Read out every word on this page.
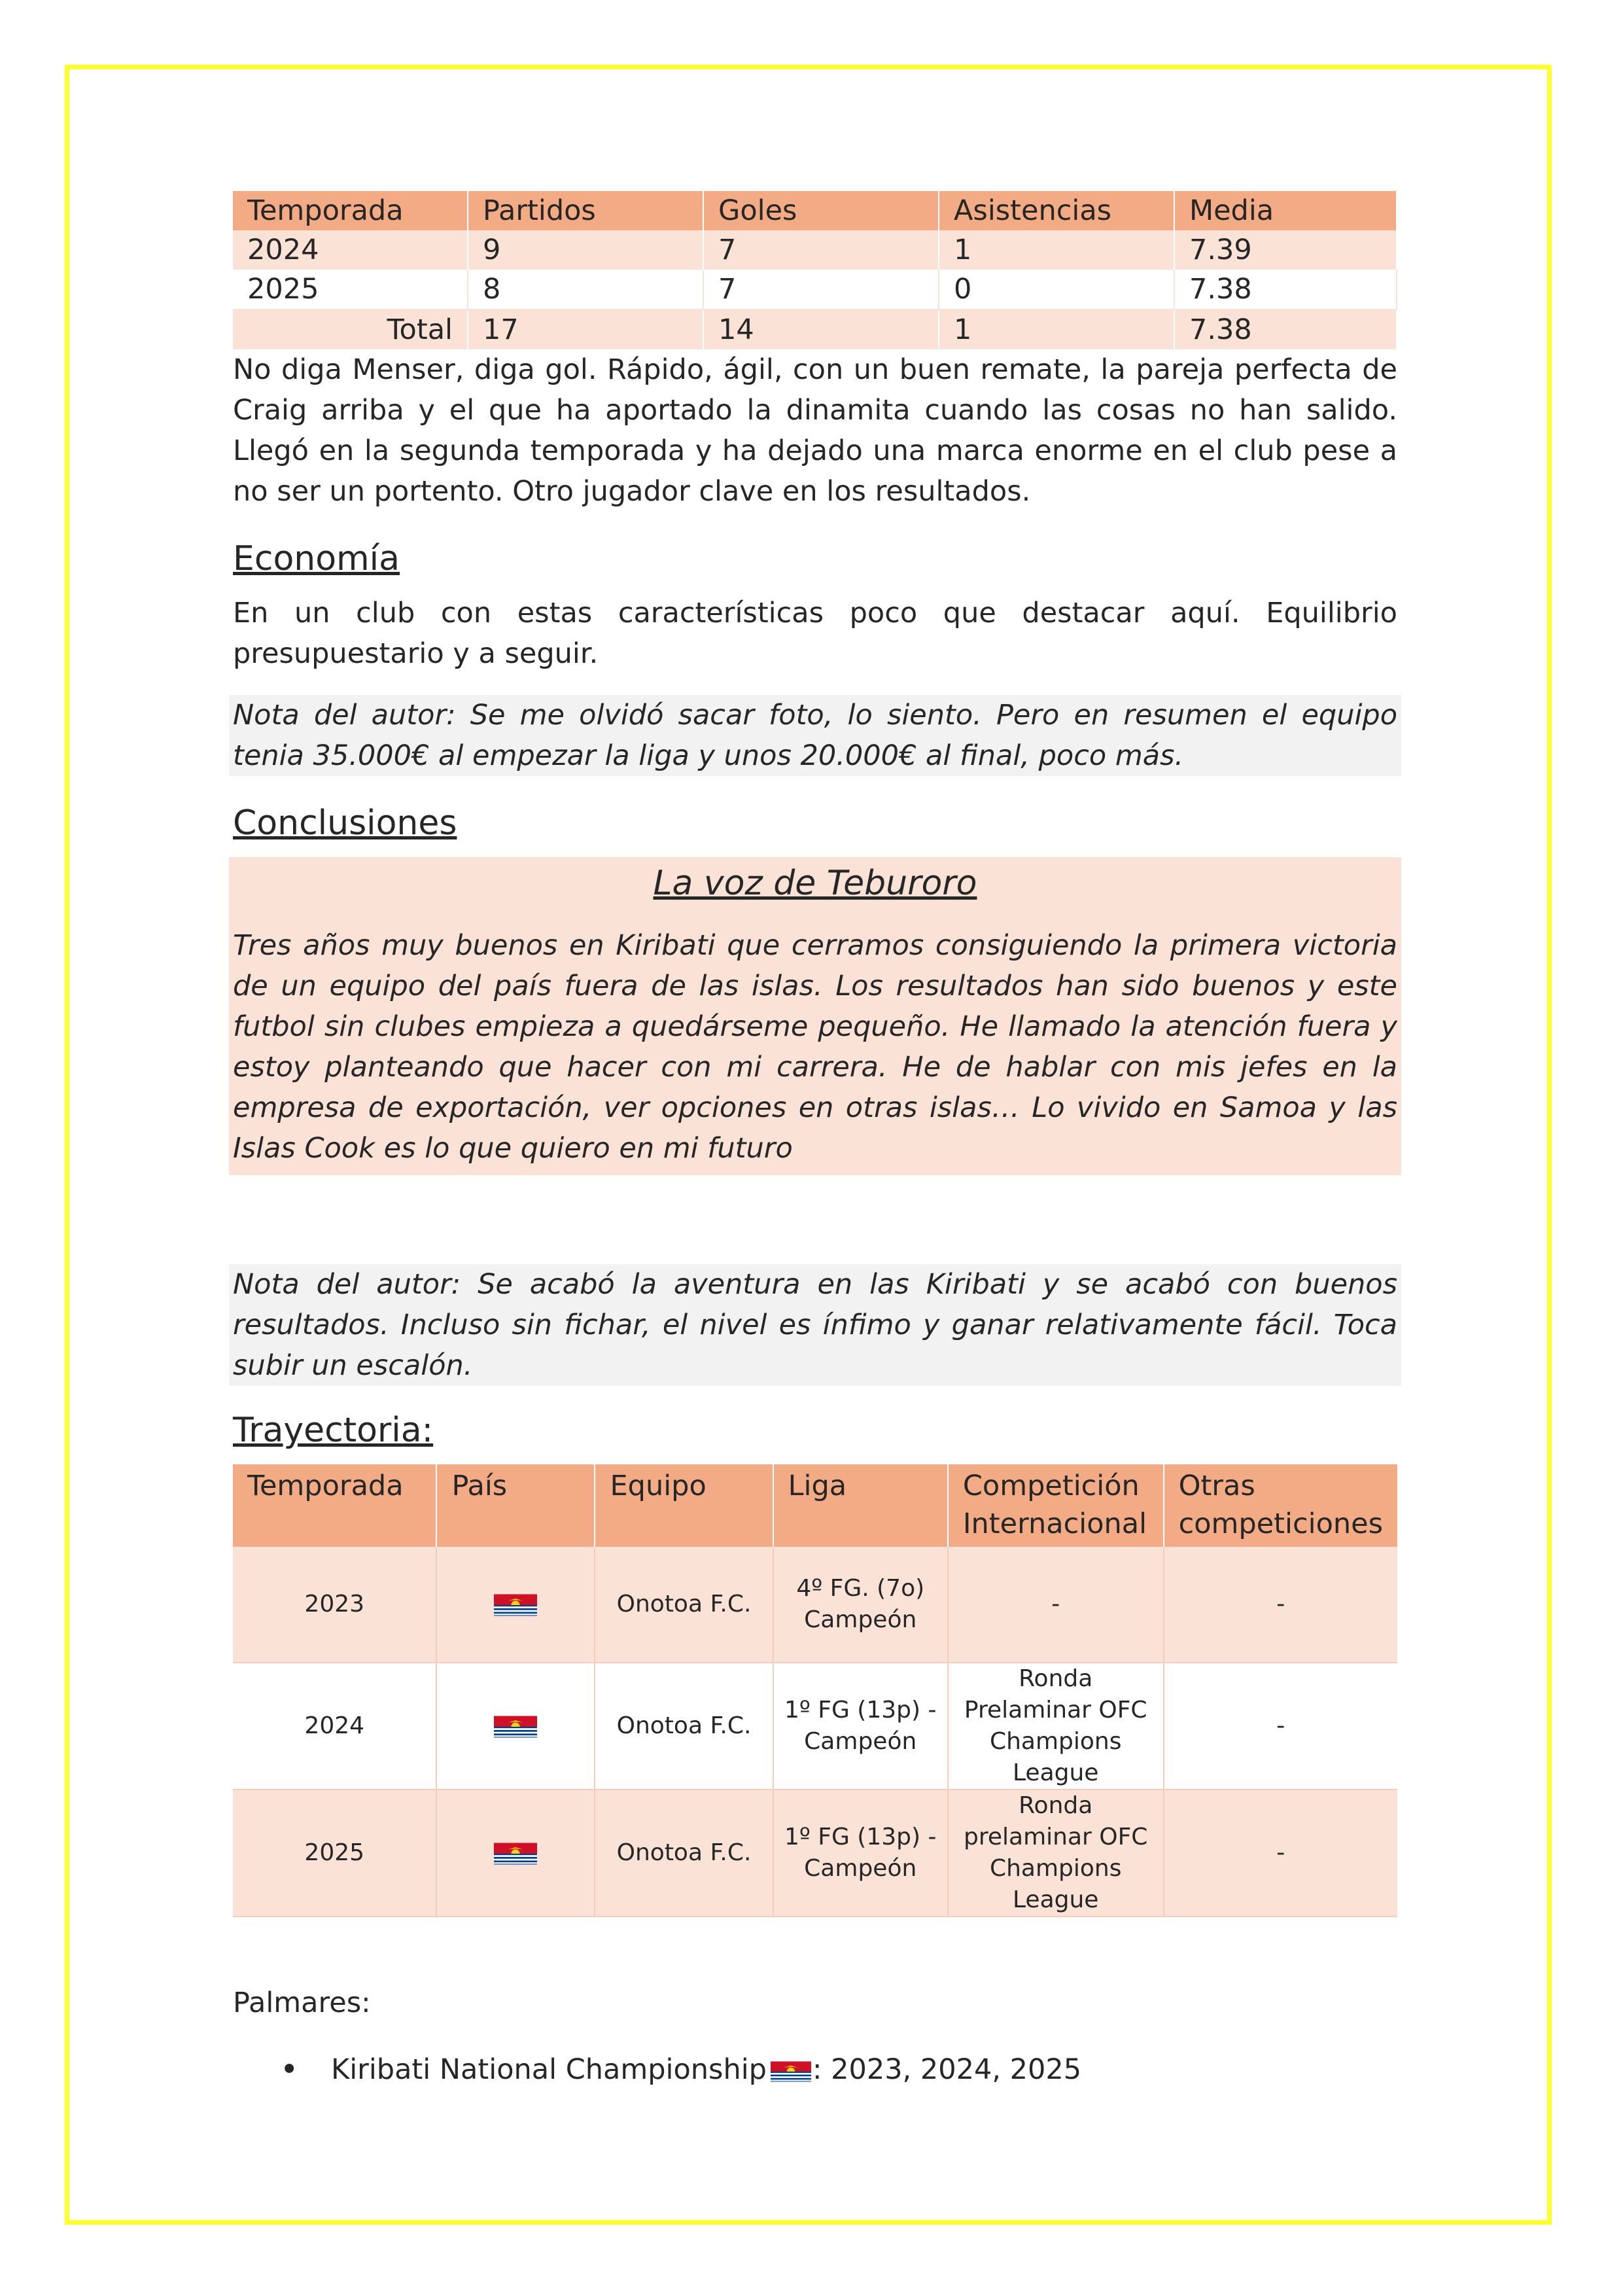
Temporada	Partidos	Goles	Asistencias	Media
2024	9	7	1	7.39
2025	8	7	0	7.38
Total	17	14	1	7.38

No diga Menser, diga gol. Rápido, ágil, con un buen remate, la pareja perfecta de Craig arriba y el que ha aportado la dinamita cuando las cosas no han salido. Llegó en la segunda temporada y ha dejado una marca enorme en el club pese a no ser un portento. Otro jugador clave en los resultados.

Economía

En un club con estas características poco que destacar aquí. Equilibrio presupuestario y a seguir.

Nota del autor: Se me olvidó sacar foto, lo siento. Pero en resumen el equipo tenia 35.000€ al empezar la liga y unos 20.000€ al final, poco más.
Conclusiones
La voz de Teburoro

Tres años muy buenos en Kiribati que cerramos consiguiendo la primera victoria de un equipo del país fuera de las islas. Los resultados han sido buenos y este futbol sin clubes empieza a quedárseme pequeño. He llamado la atención fuera y estoy planteando que hacer con mi carrera. He de hablar con mis jefes en la empresa de exportación, ver opciones en otras islas… Lo vivido en Samoa y las Islas Cook es lo que quiero en mi futuro

Nota del autor: Se acabó la aventura en las Kiribati y se acabó con buenos resultados. Incluso sin fichar, el nivel es ínfimo y ganar relativamente fácil. Toca subir un escalón.
Trayectoria:
Temporada	País	Equipo	Liga	Competición Internacional	Otras competiciones
2023		Onotoa F.C.	4º FG. (7o) Campeón	-	-
2024		Onotoa F.C.	1º FG (13p) - Campeón	Ronda Prelaminar OFC Champions League	-
2025		Onotoa F.C.	1º FG (13p) - Campeón	Ronda prelaminar OFC Champions League	-
Palmares:
• Kiribati National Championship : 2023, 2024, 2025
